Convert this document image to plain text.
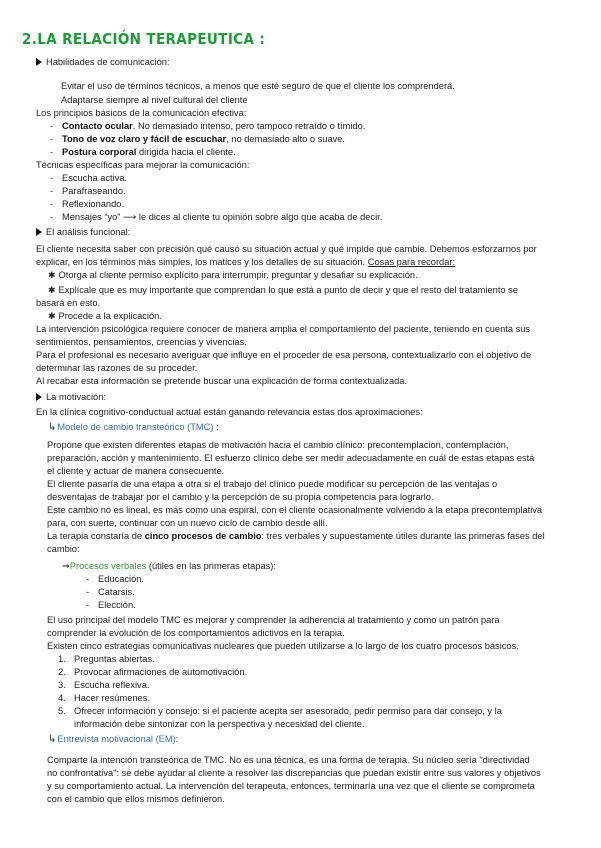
2.LA RELACIÓN TERAPEUTICA :
Habilidades de comunicación:
Evitar el uso de términos técnicos, a menos que esté seguro de que el cliente los comprenderá.
Adaptarse siempre al nivel cultural del cliente
Los principios básicos de la comunicación efectiva:
- Contacto ocular. No demasiado intenso, pero tampoco retraído o tímido.
- Tono de voz claro y fácil de escuchar, no demasiado alto o suave.
- Postura corporal dirigida hacia el cliente.
Técnicas específicas para mejorar la comunicación:
- Escucha activa.
- Parafraseando.
- Reflexionando.
- Mensajes “yo” ⟶ le dices al cliente tu opinión sobre algo que acaba de decir.
El análisis funcional:
El cliente necesita saber con precisión qué causó su situación actual y qué impide que cambie. Debemos esforzarnos por
explicar, en los términos más simples, los matices y los detalles de su situación. Cosas para recordar:
✱ Otorga al cliente permiso explícito para interrumpir, preguntar y desafiar su explicación.
✱ Explícale que es muy importante que comprendan lo que está a punto de decir y que el resto del tratamiento se
basará en esto.
✱ Procede a la explicación.
La intervención psicológica requiere conocer de manera amplia el comportamiento del paciente, teniendo en cuenta sus
sentimientos, pensamientos, creencias y vivencias.
Para el profesional es necesario averiguar qué influye en el proceder de esa persona, contextualizarlo con el objetivo de
determinar las razones de su proceder.
Al recabar esta información se pretende buscar una explicación de forma contextualizada.
La motivación:
En la clínica cognitivo-conductual actual están ganando relevancia estas dos aproximaciones:
↳Modelo de cambio transteórico (TMC) :
Propone que existen diferentes etapas de motivación hacia el cambio clínico: precontemplacion, contemplación,
preparación, acción y mantenimiento. El esfuerzo clínico debe ser medir adecuadamente en cuál de estas etapas está
el cliente y actuar de manera consecuente.
El cliente pasaría de una etapa a otra si el trabajo del clínico puede modificar su percepción de las ventajas o
desventajas de trabajar por el cambio y la percepción de su propia competencia para lograrlo.
Este cambio no es lineal, es más como una espiral, con el cliente ocasionalmente volviendo a la etapa precontemplativa
para, con suerte, continuar con un nuevo ciclo de cambio desde allí.
La terapia constaría de cinco procesos de cambio: tres verbales y supuestamente útiles durante las primeras fases del
cambio:
➞Procesos verbales (útiles en las primeras etapas):
- Educación.
- Catarsis.
- Elección.
El uso principal del modelo TMC es mejorar y comprender la adherencia al tratamiento y como un patrón para
comprender la evolución de los comportamientos adictivos en la terapia.
Existen cinco estrategias comunicativas nucleares que pueden utilizarse a lo largo de los cuatro procesos básicos.
1. Preguntas abiertas.
2. Provocar afirmaciones de automotivación.
3. Escucha reflexiva.
4. Hacer resúmenes.
5. Ofrecer información y consejo: si el paciente acepta ser asesorado, pedir permiso para dar consejo, y la
información debe sintonizar con la perspectiva y necesidad del cliente.
↳Entrevista motivacional (EM):
Comparte la intención transteórica de TMC. No es una técnica, es una forma de terapia. Su núcleo sería "directividad
no confrontativa": se debe ayudar al cliente a resolver las discrepancias que puedan existir entre sus valores y objetivos
y su comportamiento actual. La intervención del terapeuta, entonces, terminaría una vez que el cliente se comprometa
con el cambio que ellos mismos definieron.
